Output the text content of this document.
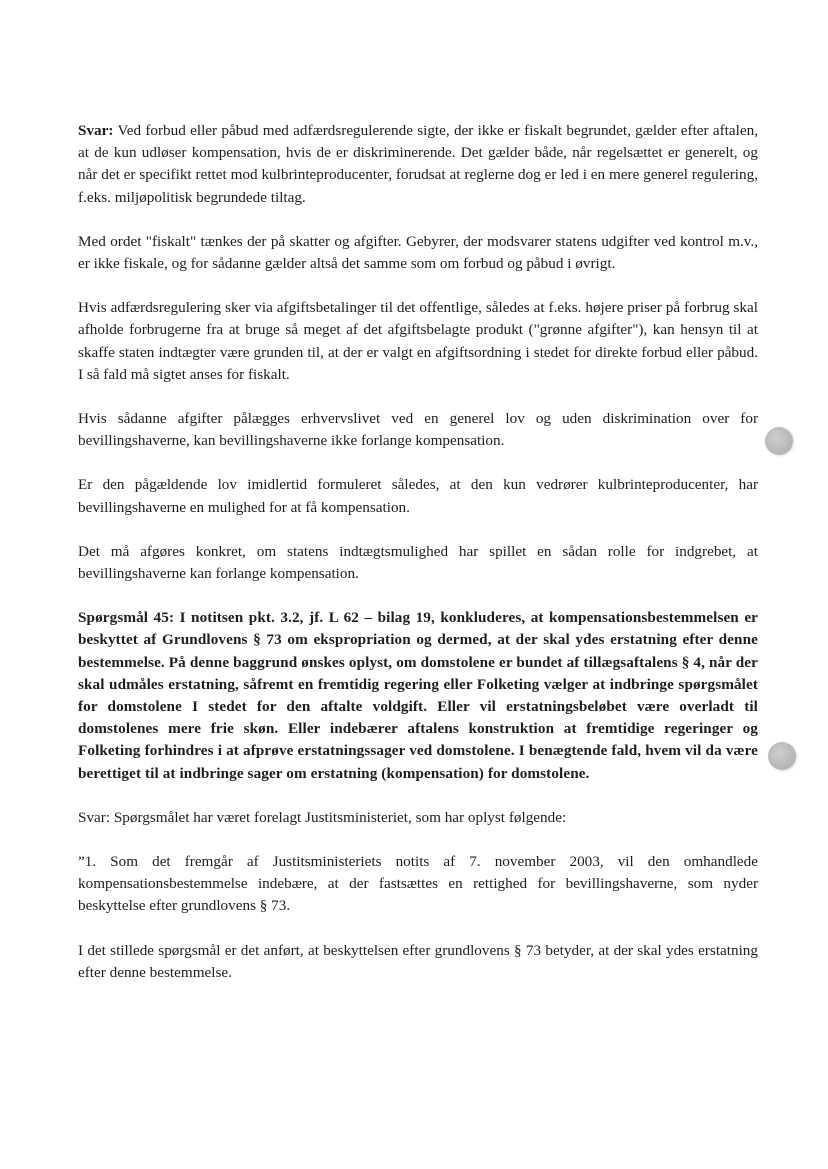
Svar: Ved forbud eller påbud med adfærdsregulerende sigte, der ikke er fiskalt begrundet, gælder efter aftalen, at de kun udløser kompensation, hvis de er diskriminerende. Det gælder både, når regelsættet er generelt, og når det er specifikt rettet mod kulbrinteproducenter, forudsat at reglerne dog er led i en mere generel regulering, f.eks. miljøpolitisk begrundede tiltag.

Med ordet "fiskalt" tænkes der på skatter og afgifter. Gebyrer, der modsvarer statens udgifter ved kontrol m.v., er ikke fiskale, og for sådanne gælder altså det samme som om forbud og påbud i øvrigt.

Hvis adfærdsregulering sker via afgiftsbetalinger til det offentlige, således at f.eks. højere priser på forbrug skal afholde forbrugerne fra at bruge så meget af det afgiftsbelagte produkt ("grønne afgifter"), kan hensyn til at skaffe staten indtægter være grunden til, at der er valgt en afgiftsordning i stedet for direkte forbud eller påbud. I så fald må sigtet anses for fiskalt.

Hvis sådanne afgifter pålægges erhvervslivet ved en generel lov og uden diskrimination over for bevillingshaverne, kan bevillingshaverne ikke forlange kompensation.

Er den pågældende lov imidlertid formuleret således, at den kun vedrører kulbrinteproducenter, har bevillingshaverne en mulighed for at få kompensation.

Det må afgøres konkret, om statens indtægtsmulighed har spillet en sådan rolle for indgrebet, at bevillingshaverne kan forlange kompensation.

Spørgsmål 45: I notitsen pkt. 3.2, jf. L 62 – bilag 19, konkluderes, at kompensationsbestemmelsen er beskyttet af Grundlovens § 73 om ekspropriation og dermed, at der skal ydes erstatning efter denne bestemmelse. På denne baggrund ønskes oplyst, om domstolene er bundet af tillægsaftalens § 4, når der skal udmåles erstatning, såfremt en fremtidig regering eller Folketing vælger at indbringe spørgsmålet for domstolene I stedet for den aftalte voldgift. Eller vil erstatningsbeløbet være overladt til domstolenes mere frie skøn. Eller indebærer aftalens konstruktion at fremtidige regeringer og Folketing forhindres i at afprøve erstatningssager ved domstolene. I benægtende fald, hvem vil da være berettiget til at indbringe sager om erstatning (kompensation) for domstolene.

Svar: Spørgsmålet har været forelagt Justitsministeriet, som har oplyst følgende:

”1. Som det fremgår af Justitsministeriets notits af 7. november 2003, vil den omhandlede kompensationsbestemmelse indebære, at der fastsættes en rettighed for bevillingshaverne, som nyder beskyttelse efter grundlovens § 73.

I det stillede spørgsmål er det anført, at beskyttelsen efter grundlovens § 73 betyder, at der skal ydes erstatning efter denne bestemmelse.
